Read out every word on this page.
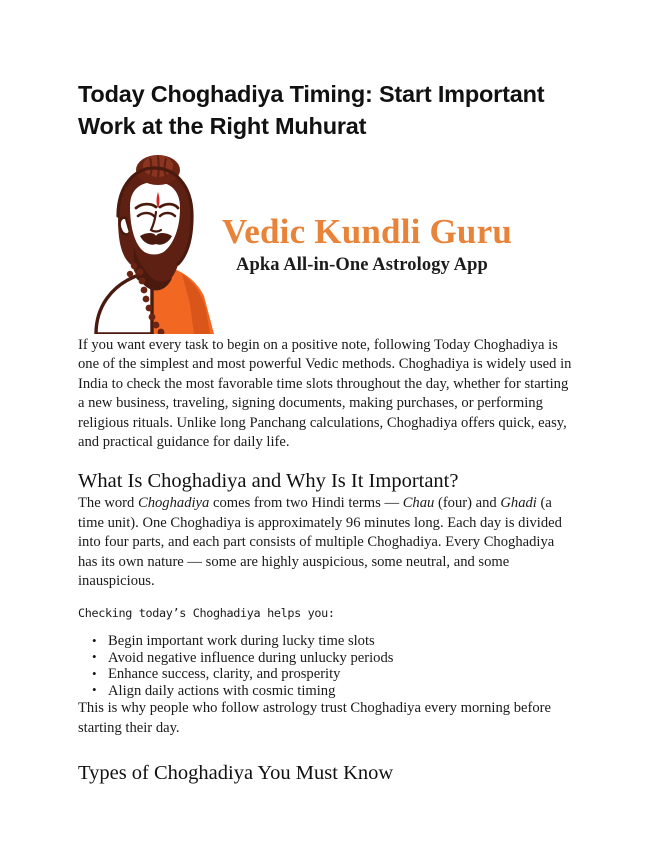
Today Choghadiya Timing: Start Important Work at the Right Muhurat
Vedic Kundli Guru
Apka All-in-One Astrology App

If you want every task to begin on a positive note, following Today Choghadiya is one of the simplest and most powerful Vedic methods. Choghadiya is widely used in India to check the most favorable time slots throughout the day, whether for starting a new business, traveling, signing documents, making purchases, or performing religious rituals. Unlike long Panchang calculations, Choghadiya offers quick, easy, and practical guidance for daily life.

What Is Choghadiya and Why Is It Important?

The word Choghadiya comes from two Hindi terms — Chau (four) and Ghadi (a time unit). One Choghadiya is approximately 96 minutes long. Each day is divided into four parts, and each part consists of multiple Choghadiya. Every Choghadiya has its own nature — some are highly auspicious, some neutral, and some inauspicious.

Checking today’s Choghadiya helps you:

• Begin important work during lucky time slots
• Avoid negative influence during unlucky periods
• Enhance success, clarity, and prosperity
• Align daily actions with cosmic timing

This is why people who follow astrology trust Choghadiya every morning before starting their day.

Types of Choghadiya You Must Know
